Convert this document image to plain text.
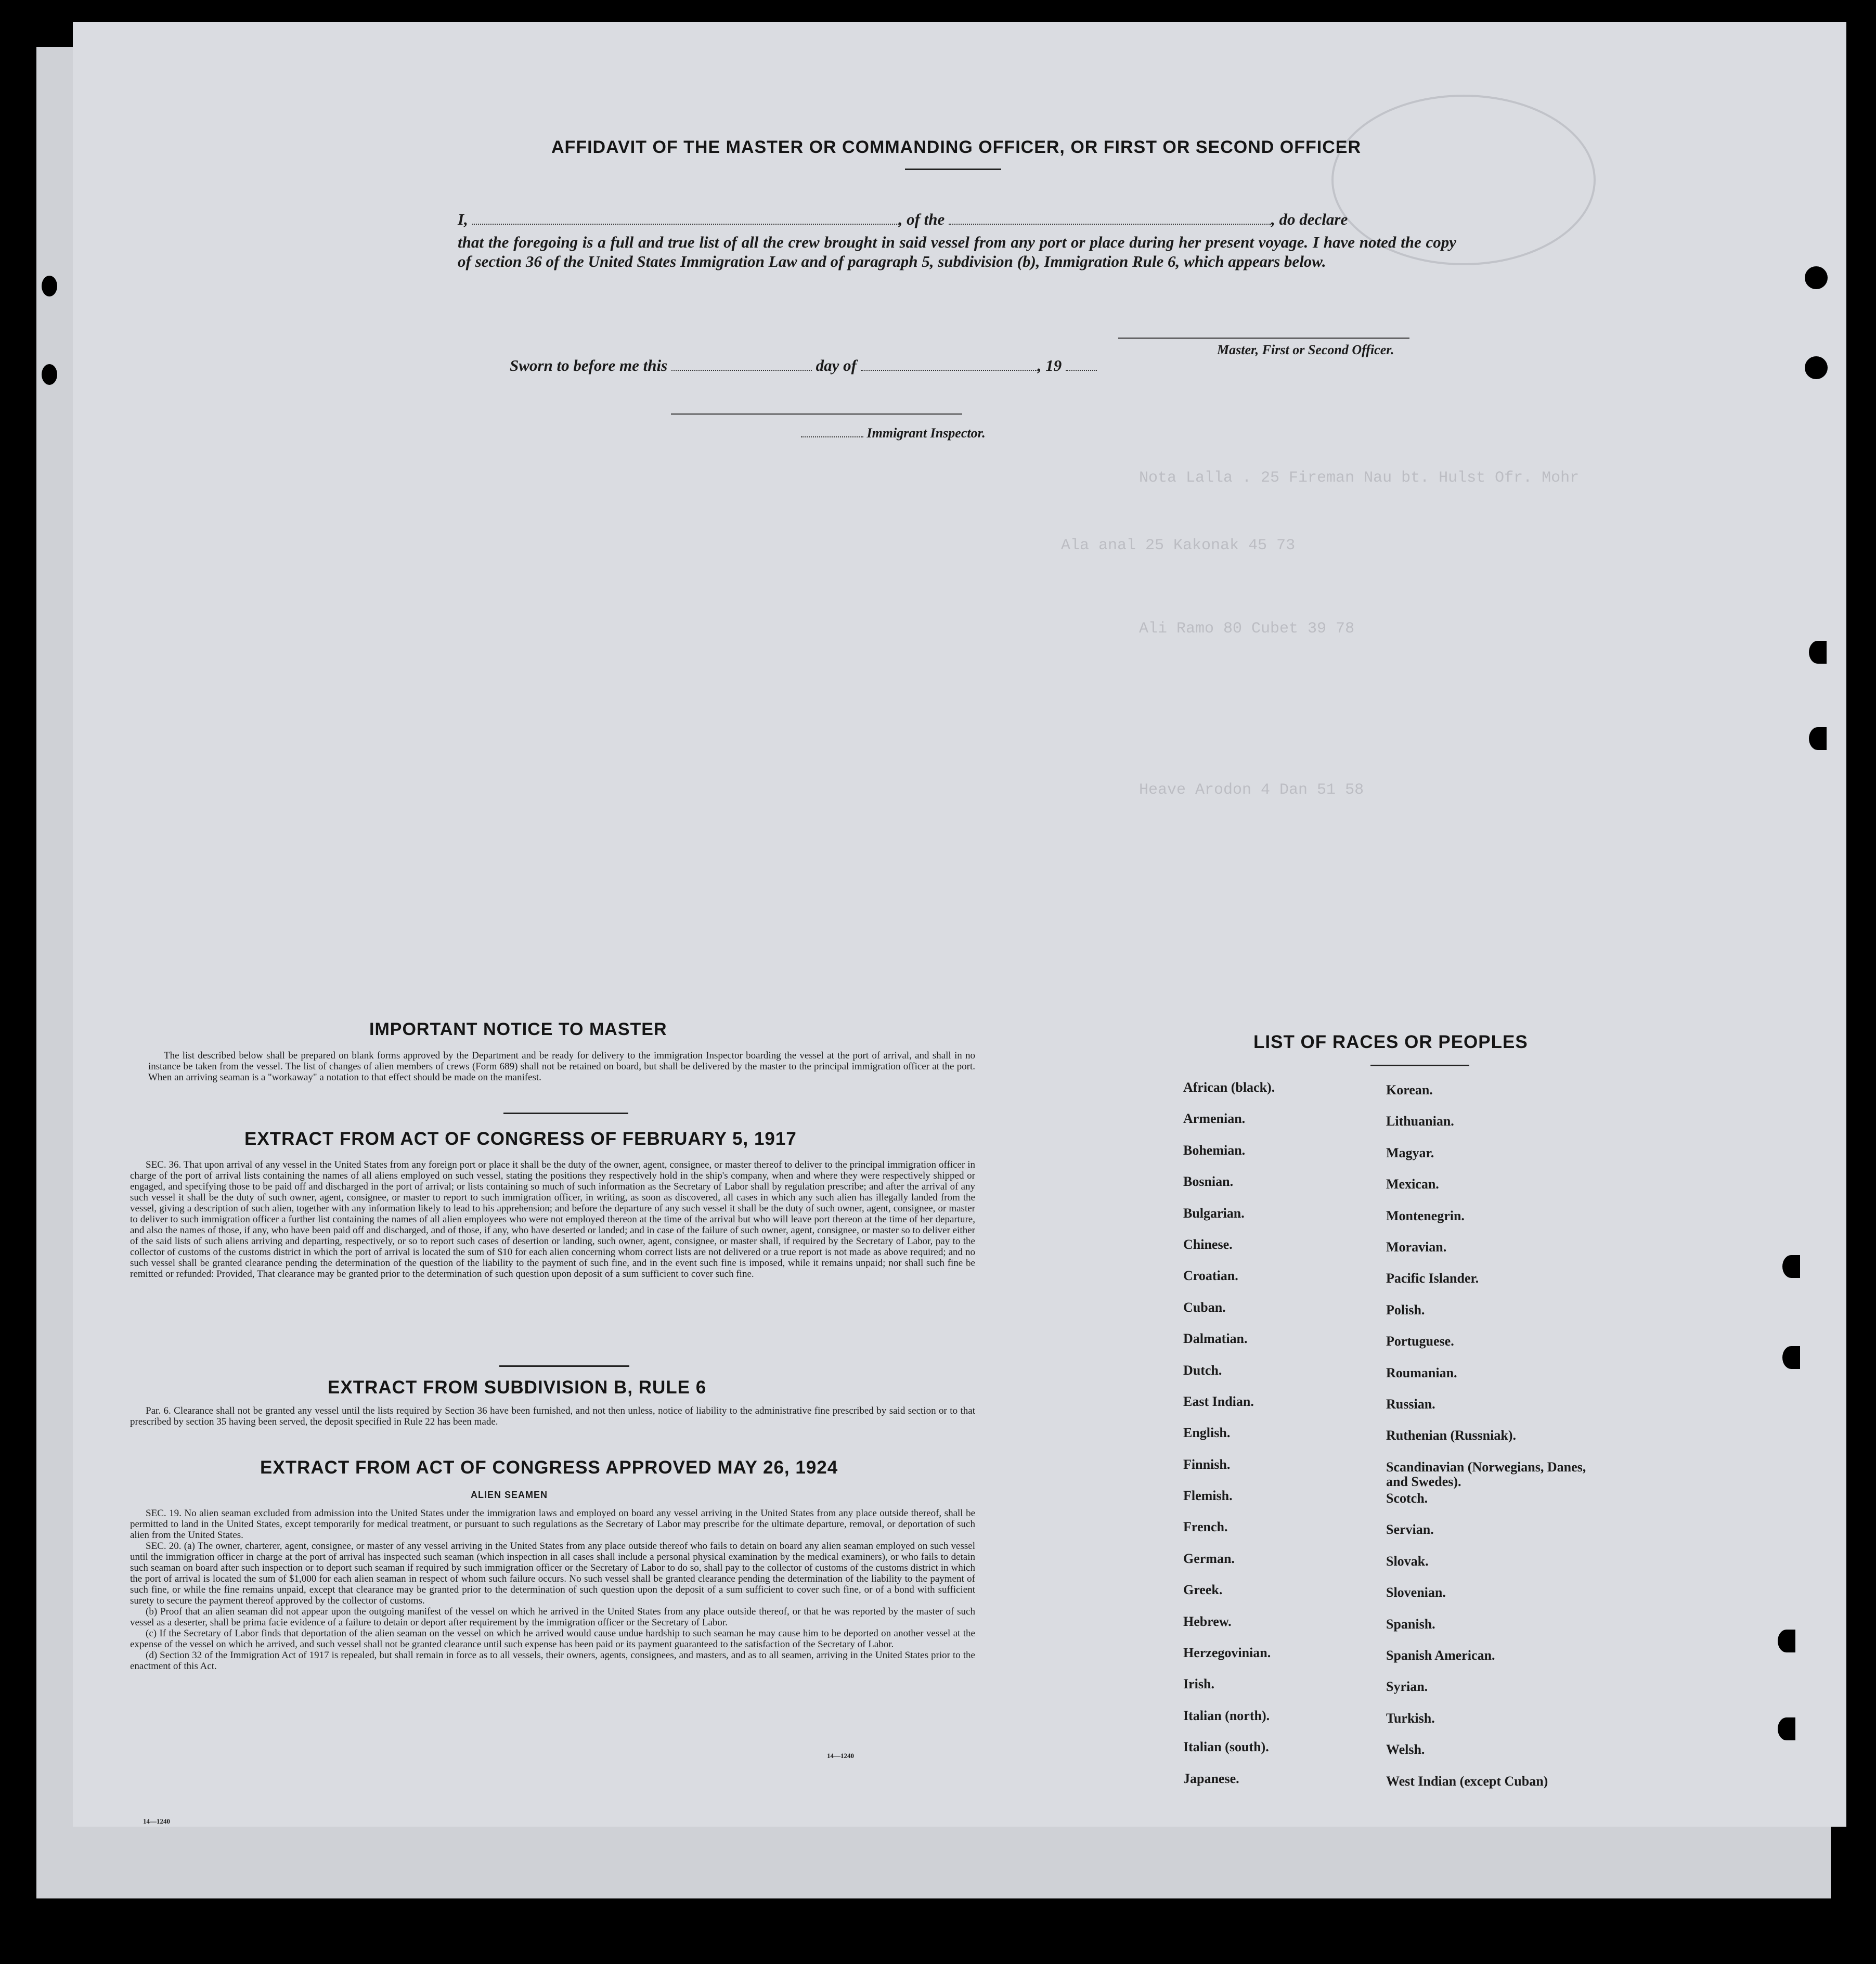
Nota Lalla . 25 Fireman Nau bt. Hulst Ofr. Mohr
Ala anal 25 Kakonak 45 73
Ali Ramo 80 Cubet 39 78
Heave Arodon 4 Dan 51 58
AFFIDAVIT OF THE MASTER OR COMMANDING OFFICER, OR FIRST OR SECOND OFFICER
I,	, of the	, do declare
that the foregoing is a full and true list of all the crew brought in said vessel from any port or place during her present voyage. I have noted the copy of section 36 of the United States Immigration Law and of paragraph 5, subdivision (b), Immigration Rule 6, which appears below.
Master, First or Second Officer.
Sworn to before me this	day of	, 19
Immigrant Inspector.
IMPORTANT NOTICE TO MASTER

The list described below shall be prepared on blank forms approved by the Department and be ready for delivery to the immigration Inspector boarding the vessel at the port of arrival, and shall in no instance be taken from the vessel. The list of changes of alien members of crews (Form 689) shall not be retained on board, but shall be delivered by the master to the principal immigration officer at the port. When an arriving seaman is a "workaway" a notation to that effect should be made on the manifest.

EXTRACT FROM ACT OF CONGRESS OF FEBRUARY 5, 1917

SEC. 36. That upon arrival of any vessel in the United States from any foreign port or place it shall be the duty of the owner, agent, consignee, or master thereof to deliver to the principal immigration officer in charge of the port of arrival lists containing the names of all aliens employed on such vessel, stating the positions they respectively hold in the ship's company, when and where they were respectively shipped or engaged, and specifying those to be paid off and discharged in the port of arrival; or lists containing so much of such information as the Secretary of Labor shall by regulation prescribe; and after the arrival of any such vessel it shall be the duty of such owner, agent, consignee, or master to report to such immigration officer, in writing, as soon as discovered, all cases in which any such alien has illegally landed from the vessel, giving a description of such alien, together with any information likely to lead to his apprehension; and before the departure of any such vessel it shall be the duty of such owner, agent, consignee, or master to deliver to such immigration officer a further list containing the names of all alien employees who were not employed thereon at the time of the arrival but who will leave port thereon at the time of her departure, and also the names of those, if any, who have been paid off and discharged, and of those, if any, who have deserted or landed; and in case of the failure of such owner, agent, consignee, or master so to deliver either of the said lists of such aliens arriving and departing, respectively, or so to report such cases of desertion or landing, such owner, agent, consignee, or master shall, if required by the Secretary of Labor, pay to the collector of customs of the customs district in which the port of arrival is located the sum of $10 for each alien concerning whom correct lists are not delivered or a true report is not made as above required; and no such vessel shall be granted clearance pending the determination of the question of the liability to the payment of such fine, and in the event such fine is imposed, while it remains unpaid; nor shall such fine be remitted or refunded: Provided, That clearance may be granted prior to the determination of such question upon deposit of a sum sufficient to cover such fine.

EXTRACT FROM SUBDIVISION B, RULE 6

Par. 6. Clearance shall not be granted any vessel until the lists required by Section 36 have been furnished, and not then unless, notice of liability to the administrative fine prescribed by said section or to that prescribed by section 35 having been served, the deposit specified in Rule 22 has been made.

EXTRACT FROM ACT OF CONGRESS APPROVED MAY 26, 1924
ALIEN SEAMEN

SEC. 19. No alien seaman excluded from admission into the United States under the immigration laws and employed on board any vessel arriving in the United States from any place outside thereof, shall be permitted to land in the United States, except temporarily for medical treatment, or pursuant to such regulations as the Secretary of Labor may prescribe for the ultimate departure, removal, or deportation of such alien from the United States.

SEC. 20. (a) The owner, charterer, agent, consignee, or master of any vessel arriving in the United States from any place outside thereof who fails to detain on board any alien seaman employed on such vessel until the immigration officer in charge at the port of arrival has inspected such seaman (which inspection in all cases shall include a personal physical examination by the medical examiners), or who fails to detain such seaman on board after such inspection or to deport such seaman if required by such immigration officer or the Secretary of Labor to do so, shall pay to the collector of customs of the customs district in which the port of arrival is located the sum of $1,000 for each alien seaman in respect of whom such failure occurs. No such vessel shall be granted clearance pending the determination of the liability to the payment of such fine, or while the fine remains unpaid, except that clearance may be granted prior to the determination of such question upon the deposit of a sum sufficient to cover such fine, or of a bond with sufficient surety to secure the payment thereof approved by the collector of customs.

(b) Proof that an alien seaman did not appear upon the outgoing manifest of the vessel on which he arrived in the United States from any place outside thereof, or that he was reported by the master of such vessel as a deserter, shall be prima facie evidence of a failure to detain or deport after requirement by the immigration officer or the Secretary of Labor.

(c) If the Secretary of Labor finds that deportation of the alien seaman on the vessel on which he arrived would cause undue hardship to such seaman he may cause him to be deported on another vessel at the expense of the vessel on which he arrived, and such vessel shall not be granted clearance until such expense has been paid or its payment guaranteed to the satisfaction of the Secretary of Labor.

(d) Section 32 of the Immigration Act of 1917 is repealed, but shall remain in force as to all vessels, their owners, agents, consignees, and masters, and as to all seamen, arriving in the United States prior to the enactment of this Act.

14—1240
LIST OF RACES OR PEOPLES
African (black).
Armenian.
Bohemian.
Bosnian.
Bulgarian.
Chinese.
Croatian.
Cuban.
Dalmatian.
Dutch.
East Indian.
English.
Finnish.
Flemish.
French.
German.
Greek.
Hebrew.
Herzegovinian.
Irish.
Italian (north).
Italian (south).
Japanese.
Korean.
Lithuanian.
Magyar.
Mexican.
Montenegrin.
Moravian.
Pacific Islander.
Polish.
Portuguese.
Roumanian.
Russian.
Ruthenian (Russniak).
Scandinavian (Norwegians, Danes, and Swedes).
Scotch.
Servian.
Slovak.
Slovenian.
Spanish.
Spanish American.
Syrian.
Turkish.
Welsh.
West Indian (except Cuban)
14—1240
